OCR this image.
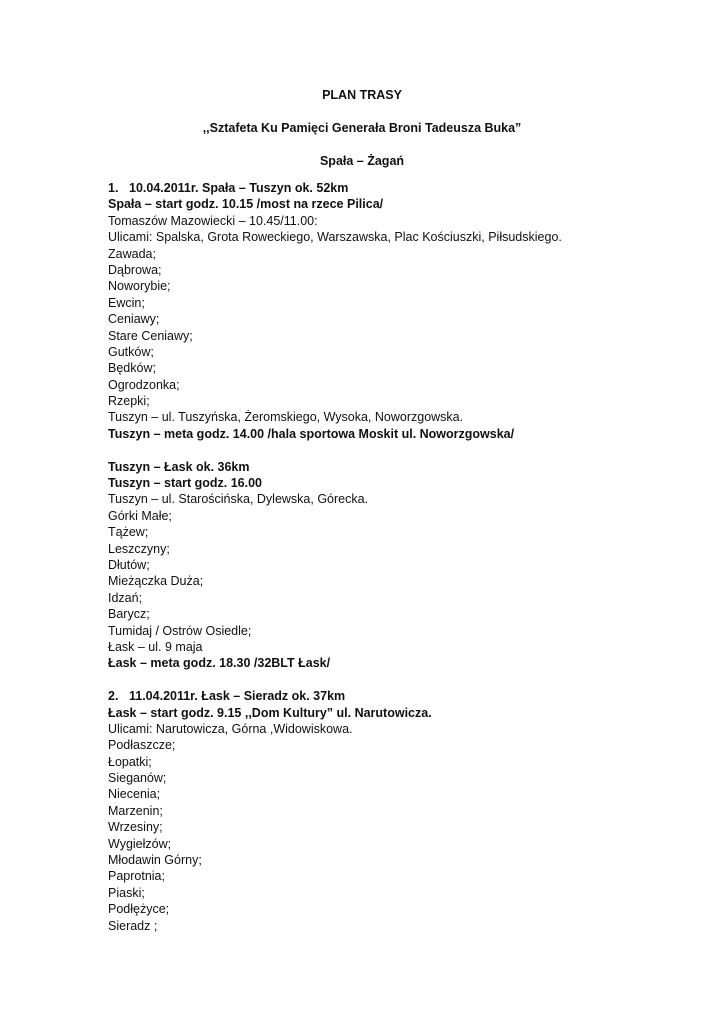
PLAN TRASY
,,Sztafeta Ku Pamięci Generała Broni Tadeusza Buka”
Spała – Żagań
1. 10.04.2011r. Spała – Tuszyn ok. 52km
Spała – start godz. 10.15 /most na rzece Pilica/
Tomaszów Mazowiecki – 10.45/11.00:
Ulicami: Spalska, Grota Roweckiego, Warszawska, Plac Kościuszki, Piłsudskiego.
Zawada;
Dąbrowa;
Noworybie;
Ewcin;
Ceniawy;
Stare Ceniawy;
Gutków;
Będków;
Ogrodzonka;
Rzepki;
Tuszyn – ul. Tuszyńska, Żeromskiego, Wysoka, Noworzgowska.
Tuszyn – meta godz. 14.00 /hala sportowa Moskit ul. Noworzgowska/
Tuszyn – Łask ok. 36km
Tuszyn – start godz. 16.00
Tuszyn – ul. Starościńska, Dylewska, Górecka.
Górki Małe;
Tążew;
Leszczyny;
Dłutów;
Mieżączka Duża;
Idzań;
Barycz;
Tumidaj / Ostrów Osiedle;
Łask – ul. 9 maja
Łask – meta godz. 18.30 /32BLT Łask/
2. 11.04.2011r. Łask – Sieradz ok. 37km
Łask – start godz. 9.15 ,,Dom Kultury” ul. Narutowicza.
Ulicami: Narutowicza, Górna ,Widowiskowa.
Podłaszcze;
Łopatki;
Sieganów;
Niecenia;
Marzenin;
Wrzesiny;
Wygiełzów;
Młodawin Górny;
Paprotnia;
Piaski;
Podłężyce;
Sieradz ;
